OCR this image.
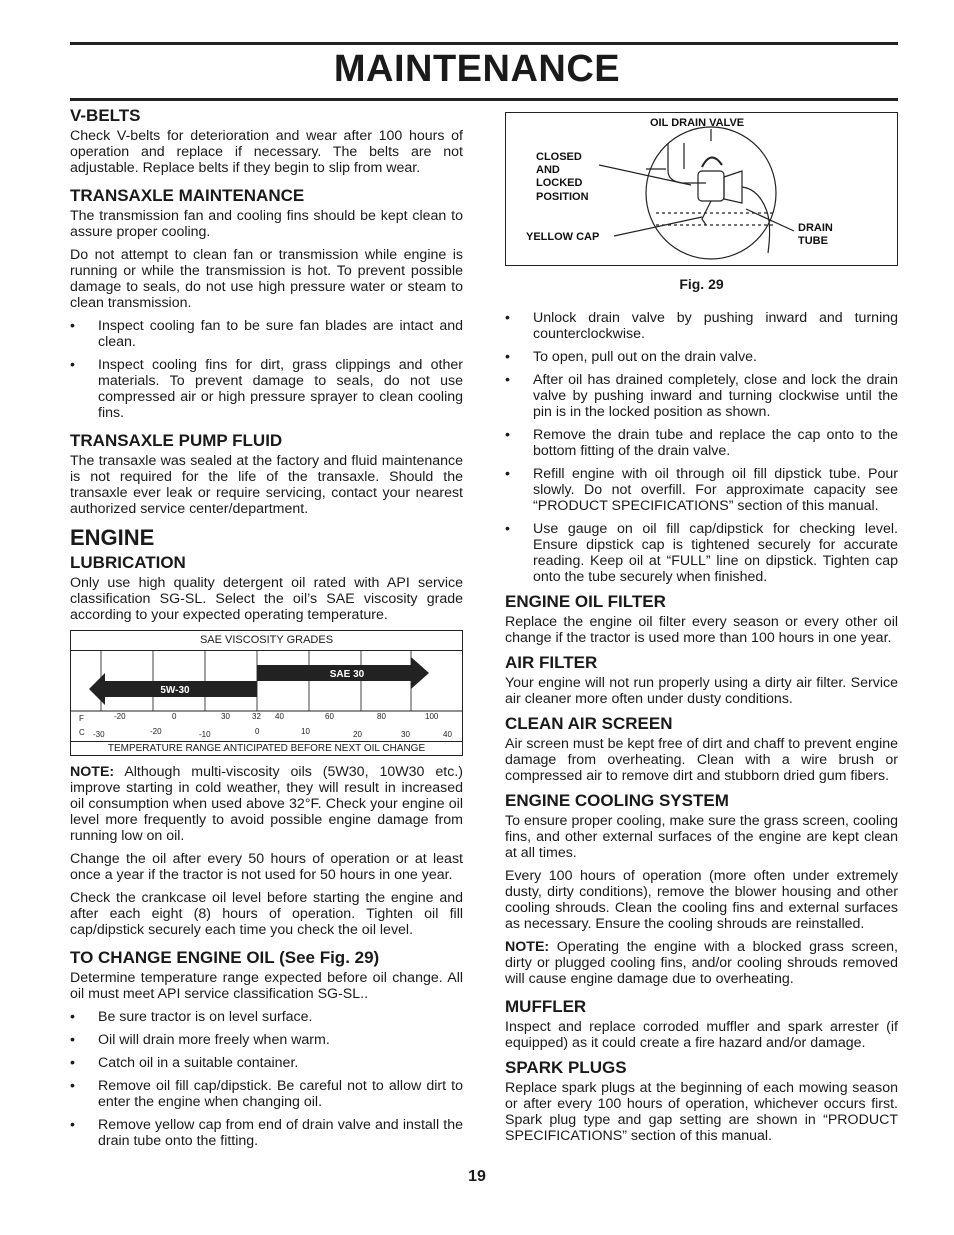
MAINTENANCE
V-BELTS

Check V-belts for deterioration and wear after 100 hours of operation and replace if necessary. The belts are not adjustable. Replace belts if they begin to slip from wear.

TRANSAXLE MAINTENANCE

The transmission fan and cooling fins should be kept clean to assure proper cooling.

Do not attempt to clean fan or transmission while engine is running or while the transmission is hot. To prevent possible damage to seals, do not use high pressure water or steam to clean transmission.

• Inspect cooling fan to be sure fan blades are intact and clean.
• Inspect cooling fins for dirt, grass clippings and other materials. To prevent damage to seals, do not use compressed air or high pressure sprayer to clean cooling fins.
TRANSAXLE PUMP FLUID

The transaxle was sealed at the factory and fluid maintenance is not required for the life of the transaxle. Should the transaxle ever leak or require servicing, contact your nearest authorized service center/department.

ENGINE
LUBRICATION

Only use high quality detergent oil rated with API service classification SG-SL. Select the oil’s SAE viscosity grade according to your expected operating temperature.

SAE VISCOSITY GRADES
SAE 30
5W-30
F	-20	0	30	32 40	60	80	100
C -30	-20	-10	0	10	20	30	40
TEMPERATURE RANGE ANTICIPATED BEFORE NEXT OIL CHANGE

NOTE: Although multi-viscosity oils (5W30, 10W30 etc.) improve starting in cold weather, they will result in increased oil consumption when used above 32°F. Check your engine oil level more frequently to avoid possible engine damage from running low on oil.

Change the oil after every 50 hours of operation or at least once a year if the tractor is not used for 50 hours in one year.

Check the crankcase oil level before starting the engine and after each eight (8) hours of operation. Tighten oil fill cap/dipstick securely each time you check the oil level.

TO CHANGE ENGINE OIL (See Fig. 29)

Determine temperature range expected before oil change. All oil must meet API service classification SG-SL..

• Be sure tractor is on level surface.
• Oil will drain more freely when warm.
• Catch oil in a suitable container.
• Remove oil fill cap/dipstick. Be careful not to allow dirt to enter the engine when changing oil.
• Remove yellow cap from end of drain valve and install the drain tube onto the fitting.
OIL DRAIN VALVE
CLOSED
AND
LOCKED
POSITION
YELLOW CAP
DRAIN
TUBE
Fig. 29
• Unlock drain valve by pushing inward and turning counterclockwise.
• To open, pull out on the drain valve.
• After oil has drained completely, close and lock the drain valve by pushing inward and turning clockwise until the pin is in the locked position as shown.
• Remove the drain tube and replace the cap onto to the bottom fitting of the drain valve.
• Refill engine with oil through oil fill dipstick tube. Pour slowly. Do not overfill. For approximate capacity see “PRODUCT SPECIFICATIONS” section of this manual.
• Use gauge on oil fill cap/dipstick for checking level. Ensure dipstick cap is tightened securely for accurate reading. Keep oil at “FULL” line on dipstick. Tighten cap onto the tube securely when finished.
ENGINE OIL FILTER

Replace the engine oil filter every season or every other oil change if the tractor is used more than 100 hours in one year.

AIR FILTER

Your engine will not run properly using a dirty air filter. Service air cleaner more often under dusty conditions.

CLEAN AIR SCREEN

Air screen must be kept free of dirt and chaff to prevent engine damage from overheating. Clean with a wire brush or compressed air to remove dirt and stubborn dried gum fibers.

ENGINE COOLING SYSTEM

To ensure proper cooling, make sure the grass screen, cooling fins, and other external surfaces of the engine are kept clean at all times.

Every 100 hours of operation (more often under extremely dusty, dirty conditions), remove the blower housing and other cooling shrouds. Clean the cooling fins and external surfaces as necessary. Ensure the cooling shrouds are reinstalled.

NOTE: Operating the engine with a blocked grass screen, dirty or plugged cooling fins, and/or cooling shrouds removed will cause engine damage due to overheating.

MUFFLER

Inspect and replace corroded muffler and spark arrester (if equipped) as it could create a fire hazard and/or damage.

SPARK PLUGS

Replace spark plugs at the beginning of each mowing season or after every 100 hours of operation, whichever occurs first. Spark plug type and gap setting are shown in “PRODUCT SPECIFICATIONS” section of this manual.

19
